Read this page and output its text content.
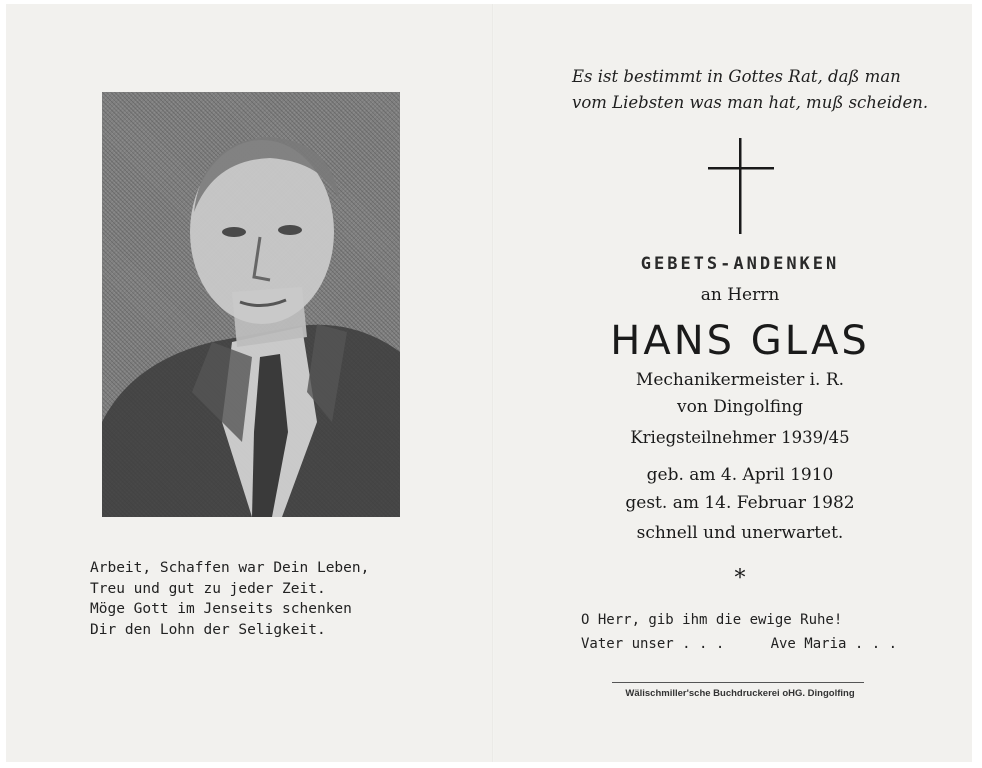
Arbeit, Schaffen war Dein Leben,
Treu und gut zu jeder Zeit.
Möge Gott im Jenseits schenken
Dir den Lohn der Seligkeit.
Es ist bestimmt in Gottes Rat, daß man
vom Liebsten was man hat, muß scheiden.
GEBETS-ANDENKEN
an Herrn
HANS GLAS
Mechanikermeister i. R.
von Dingolfing
Kriegsteilnehmer 1939/45
geb. am 4. April 1910
gest. am 14. Februar 1982
schnell und unerwartet.
*
O Herr, gib ihm die ewige Ruhe!
Vater unser . . .	Ave Maria . . .
Wälischmiller'sche Buchdruckerei oHG. Dingolfing
